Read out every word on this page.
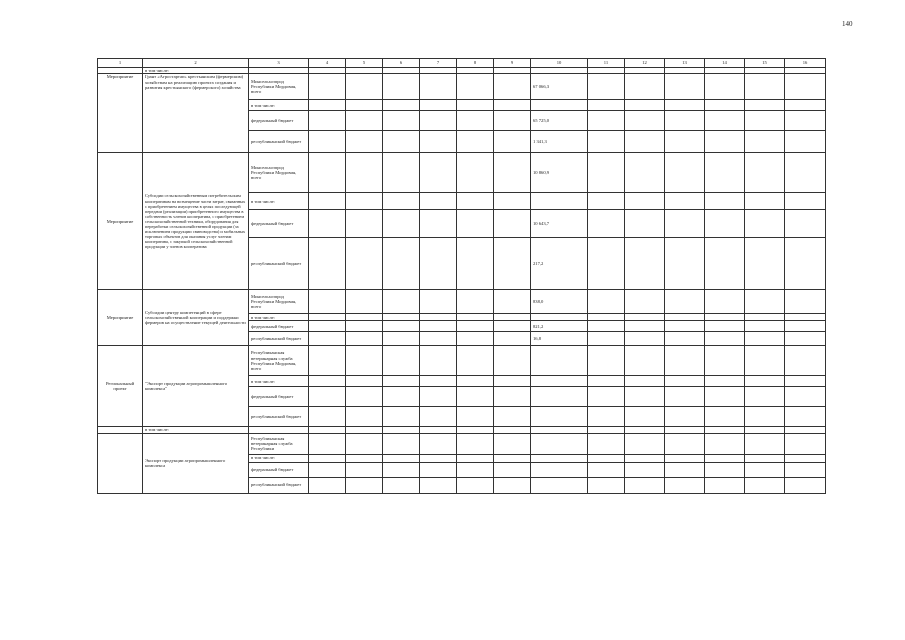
140
1	2	3	4	5	6	7	8	9	10	11	12	13	14	15	16
	в том числе:														
Мероприятие	Грант «Агростартап» крестьянским (фермерским) хозяйствам на реализацию проекта создания и развития крестьянского (фермерского) хозяйства	Минсельхозпрод Республики Мордовия, всего							67 066,3						
		в том числе:													
		федеральный бюджет							65 725,0						
		республиканский бюджет							1 341,3						
Мероприятие	Субсидии сельскохозяйственным потребительским кооперативам на возмещение части затрат, связанных с приобретением имущества в целях последующей передачи (реализации) приобретенного имущества в собственность членов кооператива, с приобретением сельскохозяйственной техники, оборудования для переработки сельскохозяйственной продукции (за исключением продукции свиноводства) и мобильных торговых объектов для оказания услуг членам кооператива, с закупкой сельскохозяйственной продукции у членов кооператива	Минсельхозпрод Республики Мордовия, всего							10 860,9						
		в том числе:													
		федеральный бюджет							10 643,7						
		республиканский бюджет							217,2						
Мероприятие	Субсидии центру компетенций в сфере сельскохозяйственной кооперации и поддержки фермеров на осуществление текущей деятельности	Минсельхозпрод Республики Мордовия, всего							838,0						
		в том числе:													
		федеральный бюджет							821,2						
		республиканский бюджет							16,8						
Региональный проект	"Экспорт продукции агропромышленного комплекса"	Республиканская ветеринарная служба Республики Мордовия, всего													
		в том числе:													
		федеральный бюджет													
		республиканский бюджет													
	в том числе:														
	Экспорт продукции агропромышленного комплекса	Республиканская ветеринарная служба Республики													
		в том числе:													
		федеральный бюджет													
		республиканский бюджет													
